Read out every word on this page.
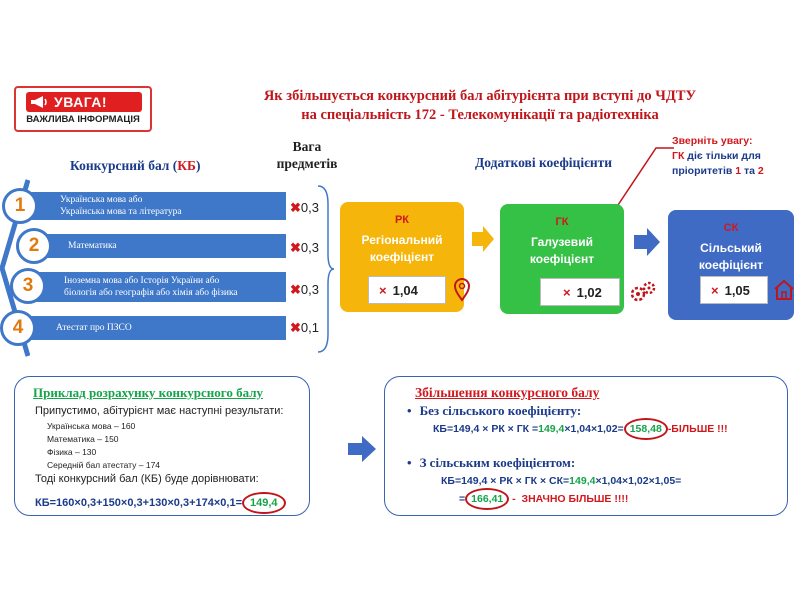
УВАГА!
ВАЖЛИВА ІНФОРМАЦІЯ
Як збільшується конкурсний бал абітурієнта при вступі до ЧДТУ
на спеціальність 172 - Телекомунікації та радіотехніка
Конкурсний бал (КБ)
Вага предметів
Українська мова або
Українська мова та література
1	✖0,3
Математика
2	✖0,3
Іноземна мова або Історія України або
біологія або географія або хімія або фізика
3	✖0,3
Атестат про ПЗСО
4	✖0,1
Додаткові коефіцієнти
Зверніть увагу:
ГК діє тільки для
пріоритетів 1 та 2
РК
Регіональний
коефіцієнт
× 1,04
ГК
Галузевий
коефіцієнт
× 1,02
СК
Сільський
коефіцієнт
× 1,05
Приклад розрахунку конкурсного балу
Припустимо, абітурієнт має наступні результати:
Українська мова – 160
Математика – 150
Фізика – 130
Середній бал атестату – 174
Тоді конкурсний бал (КБ) буде дорівнювати:
КБ=160×0,3+150×0,3+130×0,3+174×0,1= 149,4
Збільшення конкурсного балу
• Без сільського коефіцієнту:
КБ=149,4 × РК × ГК =149,4×1,04×1,02= 158,48 -БІЛЬШЕ !!!
• З сільським коефіцієнтом:
КБ=149,4 × РК × ГК × СК=149,4×1,04×1,02×1,05=
= 166,41 -  ЗНАЧНО БІЛЬШЕ !!!!
